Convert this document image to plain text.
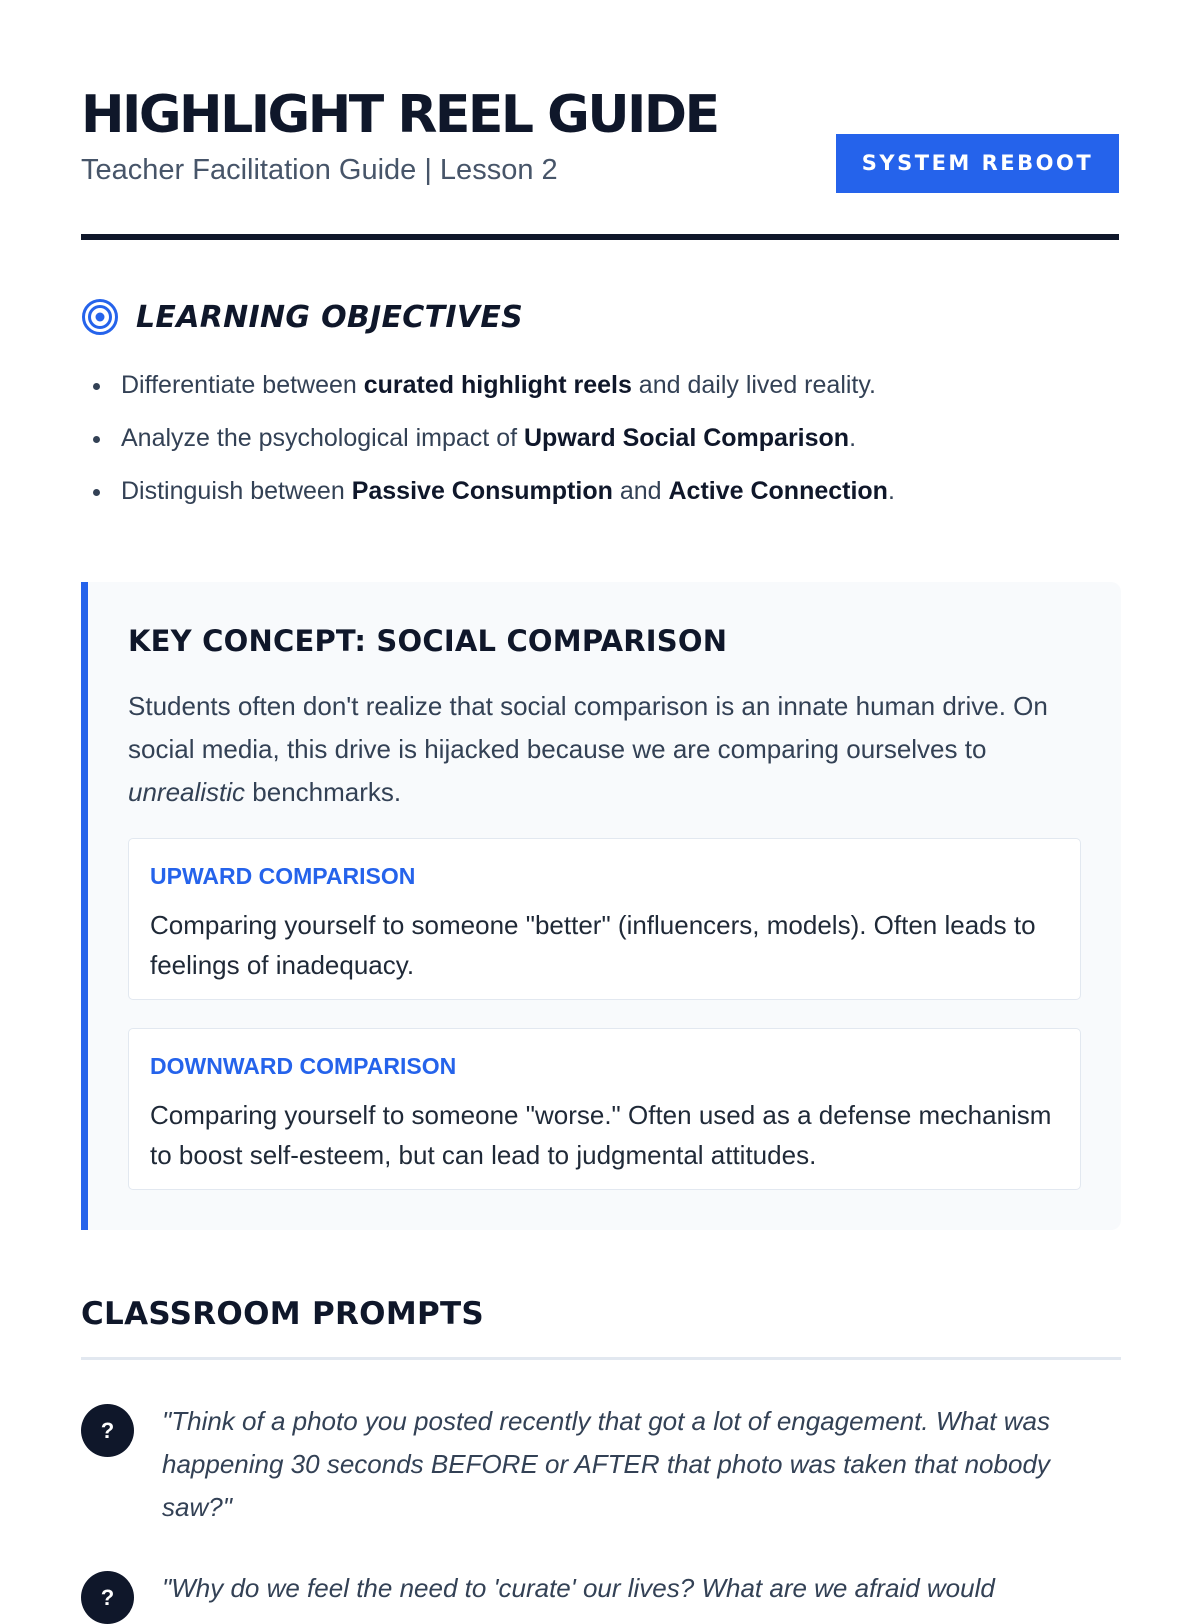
HIGHLIGHT REEL GUIDE
Teacher Facilitation Guide | Lesson 2	SYSTEM REBOOT
LEARNING OBJECTIVES
Differentiate between curated highlight reels and daily lived reality.
Analyze the psychological impact of Upward Social Comparison.
Distinguish between Passive Consumption and Active Connection.
KEY CONCEPT: SOCIAL COMPARISON

Students often don't realize that social comparison is an innate human drive. On social media, this drive is hijacked because we are comparing ourselves to unrealistic benchmarks.

UPWARD COMPARISON
Comparing yourself to someone "better" (influencers, models). Often leads to feelings of inadequacy.
DOWNWARD COMPARISON
Comparing yourself to someone "worse." Often used as a defense mechanism to boost self-esteem, but can lead to judgmental attitudes.
CLASSROOM PROMPTS
?	"Think of a photo you posted recently that got a lot of engagement. What was happening 30 seconds BEFORE or AFTER that photo was taken that nobody saw?"

?	"Why do we feel the need to 'curate' our lives? What are we afraid would
